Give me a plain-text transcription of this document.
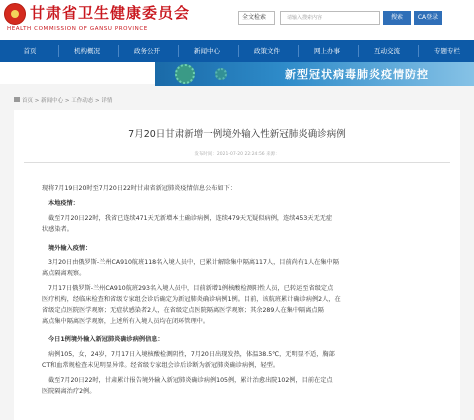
甘肃省卫生健康委员会
HEALTH COMMISSION OF GANSU PROVINCE
全文检索	请输入搜索内容	搜索	CA登录
首页	机构概况	政务公开	新闻中心	政策文件	网上办事	互动交流	专题专栏
新型冠状病毒肺炎疫情防控
首页 > 新闻中心 > 工作动态 > 详情
7月20日甘肃新增一例境外输入性新冠肺炎确诊病例
发布时间：2021-07-20 22:24:56 来源：
现将7月19日20时至7月20日22时甘肃省新冠肺炎疫情信息公布如下：
本地疫情：
截至7月20日22时，我省已连续471天无新增本土确诊病例，连续479天无疑似病例，连续453天无无症
状感染者。
境外输入疫情：
3月20日由俄罗斯-兰州CA910航班118名入境人员中，已累计解除集中隔离117人，目前尚有1人在集中隔
离点隔离观察。
7月17日俄罗斯-兰州CA910航班293名入境人员中，目前新增1例核酸检测阳性人员，已转运至省级定点
医疗机构，经临床检查和省级专家组会诊后确定为新冠肺炎确诊病例1例。目前，该航班累计确诊病例2人，在
省级定点医院医学观察；无症状感染者2人，在省级定点医院隔离医学观察；其余289人在集中隔离点隔
离点集中隔离医学观察，上述所有入境人员均在闭环管理中。
今日1例境外输入新冠肺炎确诊病例信息：
病例105，女，24岁，7月17日入境核酸检测阴性，7月20日出现发热，体温38.5℃，无明显不适，胸部
CT和血常规检查未见明显异常。经省级专家组会诊后诊断为新冠肺炎确诊病例，轻型。
截至7月20日22时，甘肃累计报告境外输入新冠肺炎确诊病例105例，累计治愈出院102例，目前在定点
医院隔离治疗2例。
